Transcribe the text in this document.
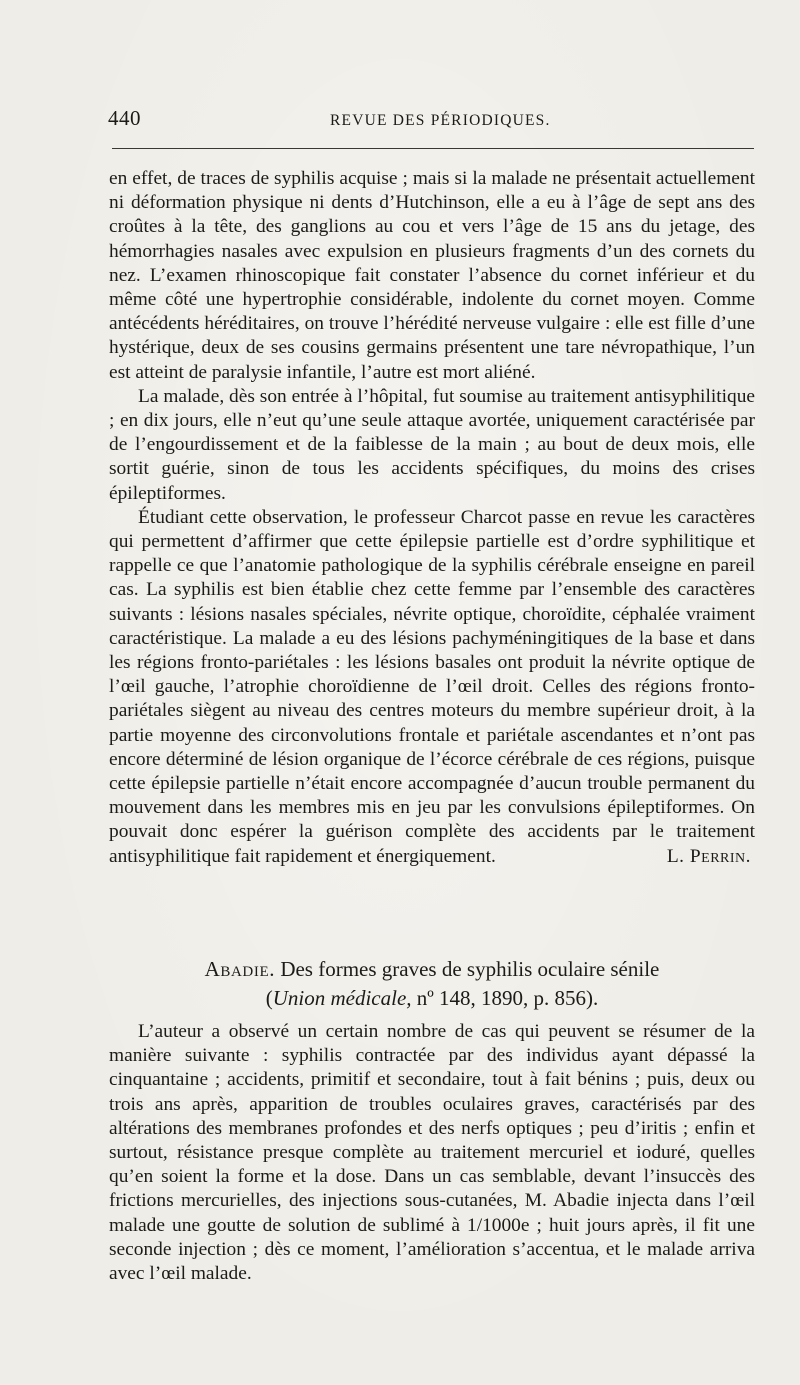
440	REVUE DES PÉRIODIQUES.

en effet, de traces de syphilis acquise ; mais si la malade ne présentait actuellement ni déformation physique ni dents d’Hutchinson, elle a eu à l’âge de sept ans des croûtes à la tête, des ganglions au cou et vers l’âge de 15 ans du jetage, des hémorrhagies nasales avec expulsion en plusieurs fragments d’un des cornets du nez. L’examen rhinoscopique fait constater l’absence du cornet inférieur et du même côté une hypertrophie considérable, indolente du cornet moyen. Comme antécédents héréditaires, on trouve l’hérédité nerveuse vulgaire : elle est fille d’une hystérique, deux de ses cousins germains présentent une tare névropathique, l’un est atteint de paralysie infantile, l’autre est mort aliéné.

La malade, dès son entrée à l’hôpital, fut soumise au traitement antisyphilitique ; en dix jours, elle n’eut qu’une seule attaque avortée, uniquement caractérisée par de l’engourdissement et de la faiblesse de la main ; au bout de deux mois, elle sortit guérie, sinon de tous les accidents spécifiques, du moins des crises épileptiformes.

Étudiant cette observation, le professeur Charcot passe en revue les caractères qui permettent d’affirmer que cette épilepsie partielle est d’ordre syphilitique et rappelle ce que l’anatomie pathologique de la syphilis cérébrale enseigne en pareil cas. La syphilis est bien établie chez cette femme par l’ensemble des caractères suivants : lésions nasales spéciales, névrite optique, choroïdite, céphalée vraiment caractéristique. La malade a eu des lésions pachyméningitiques de la base et dans les régions fronto-pariétales : les lésions basales ont produit la névrite optique de l’œil gauche, l’atrophie choroïdienne de l’œil droit. Celles des régions fronto-pariétales siègent au niveau des centres moteurs du membre supérieur droit, à la partie moyenne des circonvolutions frontale et pariétale ascendantes et n’ont pas encore déterminé de lésion organique de l’écorce cérébrale de ces régions, puisque cette épilepsie partielle n’était encore accompagnée d’aucun trouble permanent du mouvement dans les membres mis en jeu par les convulsions épileptiformes. On pouvait donc espérer la guérison complète des accidents par le traitement antisyphilitique fait rapidement et énergiquement.	L. Perrin.

Abadie. Des formes graves de syphilis oculaire sénile
(Union médicale, nº 148, 1890, p. 856).

L’auteur a observé un certain nombre de cas qui peuvent se résumer de la manière suivante : syphilis contractée par des individus ayant dépassé la cinquantaine ; accidents, primitif et secondaire, tout à fait bénins ; puis, deux ou trois ans après, apparition de troubles oculaires graves, caractérisés par des altérations des membranes profondes et des nerfs optiques ; peu d’iritis ; enfin et surtout, résistance presque complète au traitement mercuriel et ioduré, quelles qu’en soient la forme et la dose. Dans un cas semblable, devant l’insuccès des frictions mercurielles, des injections sous-cutanées, M. Abadie injecta dans l’œil malade une goutte de solution de sublimé à 1/1000e ; huit jours après, il fit une seconde injection ; dès ce moment, l’amélioration s’accentua, et le malade arriva avec l’œil malade.
